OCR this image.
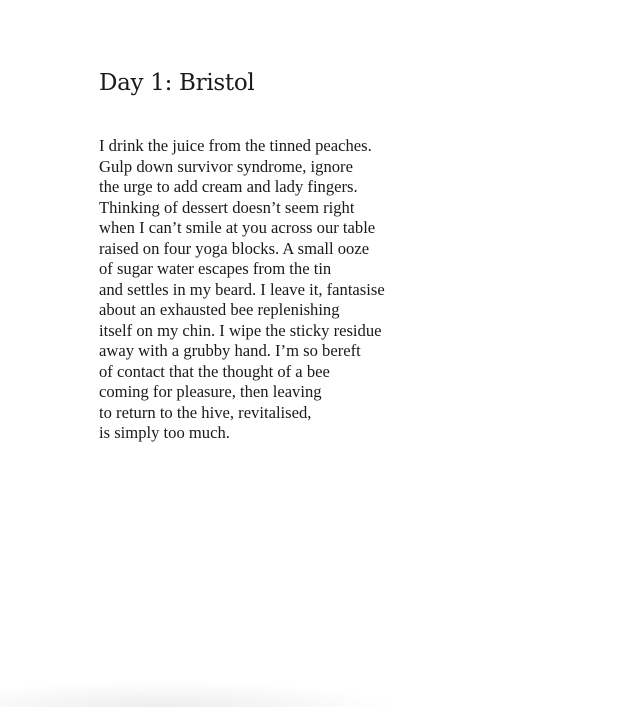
Day 1: Bristol
I drink the juice from the tinned peaches.
Gulp down survivor syndrome, ignore
the urge to add cream and lady fingers.
Thinking of dessert doesn’t seem right
when I can’t smile at you across our table
raised on four yoga blocks. A small ooze
of sugar water escapes from the tin
and settles in my beard. I leave it, fantasise
about an exhausted bee replenishing
itself on my chin. I wipe the sticky residue
away with a grubby hand. I’m so bereft
of contact that the thought of a bee
coming for pleasure, then leaving
to return to the hive, revitalised,
is simply too much.
